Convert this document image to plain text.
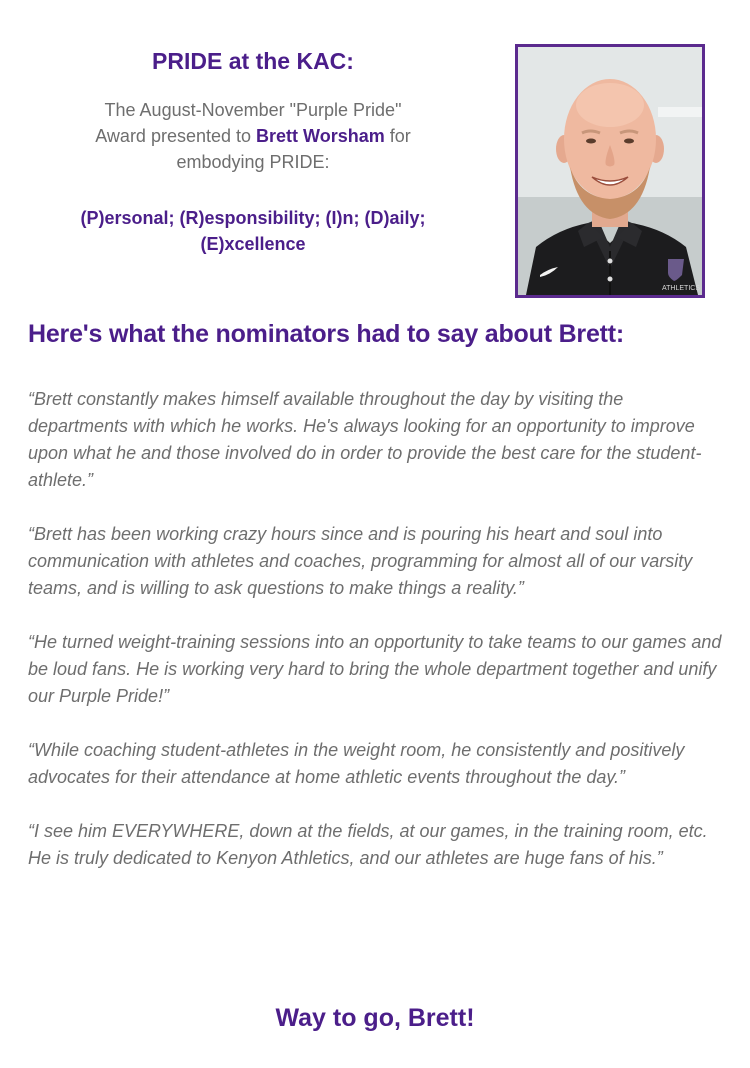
PRIDE at the KAC:

The August-November "Purple Pride"
Award presented to Brett Worsham for
embodying PRIDE:

(P)ersonal; (R)esponsibility; (I)n; (D)aily;
(E)xcellence

ATHLETICS
Here's what the nominators had to say about Brett:

“Brett constantly makes himself available throughout the day by visiting the departments with which he works. He's always looking for an opportunity to improve upon what he and those involved do in order to provide the best care for the student-athlete.”

“Brett has been working crazy hours since and is pouring his heart and soul into communication with athletes and coaches, programming for almost all of our varsity teams, and is willing to ask questions to make things a reality.”

“He turned weight-training sessions into an opportunity to take teams to our games and be loud fans. He is working very hard to bring the whole department together and unify our Purple Pride!”

“While coaching student-athletes in the weight room, he consistently and positively advocates for their attendance at home athletic events throughout the day.”

“I see him EVERYWHERE, down at the fields, at our games, in the training room, etc. He is truly dedicated to Kenyon Athletics, and our athletes are huge fans of his.”

Way to go, Brett!
